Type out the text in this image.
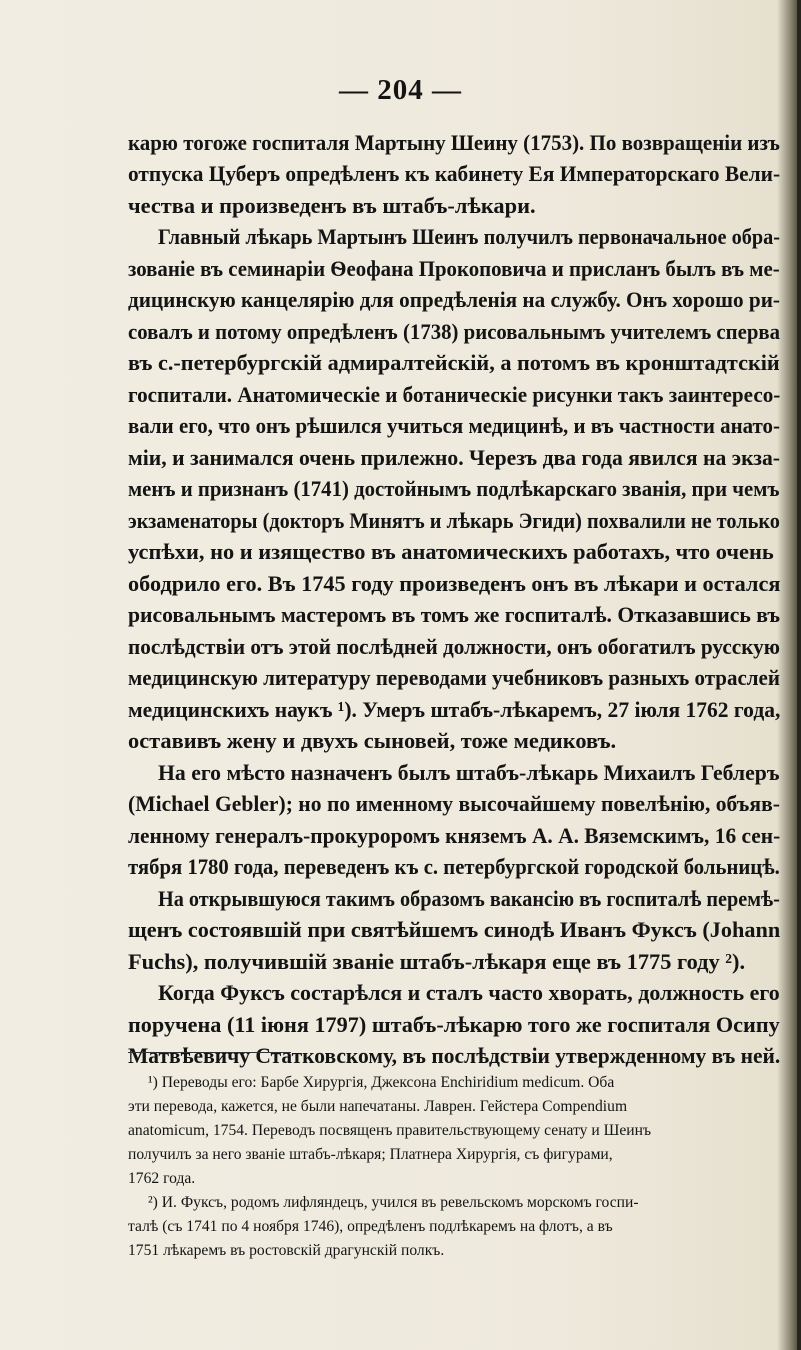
— 204 —
карю тогоже госпиталя Мартыну Шеину (1753). По возвращеніи изъ
отпуска Цуберъ опредѣленъ къ кабинету Ея Императорскаго Вели-
чества и произведенъ въ штабъ-лѣкари.
Главный лѣкарь Мартынъ Шеинъ получилъ первоначальное обра-
зованіе въ семинаріи Ѳеофана Прокоповича и присланъ былъ въ ме-
дицинскую канцелярію для опредѣленія на службу. Онъ хорошо ри-
совалъ и потому опредѣленъ (1738) рисовальнымъ учителемъ сперва
въ с.-петербургскій адмиралтейскій, а потомъ въ кронштадтскій
госпитали. Анатомическіе и ботаническіе рисунки такъ заинтересо-
вали его, что онъ рѣшился учиться медицинѣ, и въ частности анато-
міи, и занимался очень прилежно. Черезъ два года явился на экза-
менъ и признанъ (1741) достойнымъ подлѣкарскаго званія, при чемъ
экзаменаторы (докторъ Минятъ и лѣкарь Эгиди) похвалили не только
успѣхи, но и изящество въ анатомическихъ работахъ, что очень
ободрило его. Въ 1745 году произведенъ онъ въ лѣкари и остался
рисовальнымъ мастеромъ въ томъ же госпиталѣ. Отказавшись въ
послѣдствіи отъ этой послѣдней должности, онъ обогатилъ русскую
медицинскую литературу переводами учебниковъ разныхъ отраслей
медицинскихъ наукъ ¹). Умеръ штабъ-лѣкаремъ, 27 іюля 1762 года,
оставивъ жену и двухъ сыновей, тоже медиковъ.
На его мѣсто назначенъ былъ штабъ-лѣкарь Михаилъ Геблеръ
(Michael Gebler); но по именному высочайшему повелѣнію, объяв-
ленному генералъ-прокуроромъ княземъ А. А. Вяземскимъ, 16 сен-
тября 1780 года, переведенъ къ с. петербургской городской больницѣ.
На открывшуюся такимъ образомъ вакансію въ госпиталѣ перемѣ-
щенъ состоявшій при святѣйшемъ синодѣ Иванъ Фуксъ (Johann
Fuchs), получившій званіе штабъ-лѣкаря еще въ 1775 году ²).
Когда Фуксъ состарѣлся и сталъ часто хворать, должность его
поручена (11 іюня 1797) штабъ-лѣкарю того же госпиталя Осипу
Матвѣевичу Статковскому, въ послѣдствіи утвержденному въ ней.
¹) Переводы его: Барбе Хирургія, Джексона Enchiridium medicum. Оба
эти перевода, кажется, не были напечатаны. Лаврен. Гейстера Compendium
anatomicum, 1754. Переводъ посвященъ правительствующему сенату и Шеинъ
получилъ за него званіе штабъ-лѣкаря; Платнера Хирургія, съ фигурами,
1762 года.
²) И. Фуксъ, родомъ лифляндецъ, учился въ ревельскомъ морскомъ госпи-
талѣ (съ 1741 по 4 ноября 1746), опредѣленъ подлѣкаремъ на флотъ, а въ
1751 лѣкаремъ въ ростовскій драгунскій полкъ.
